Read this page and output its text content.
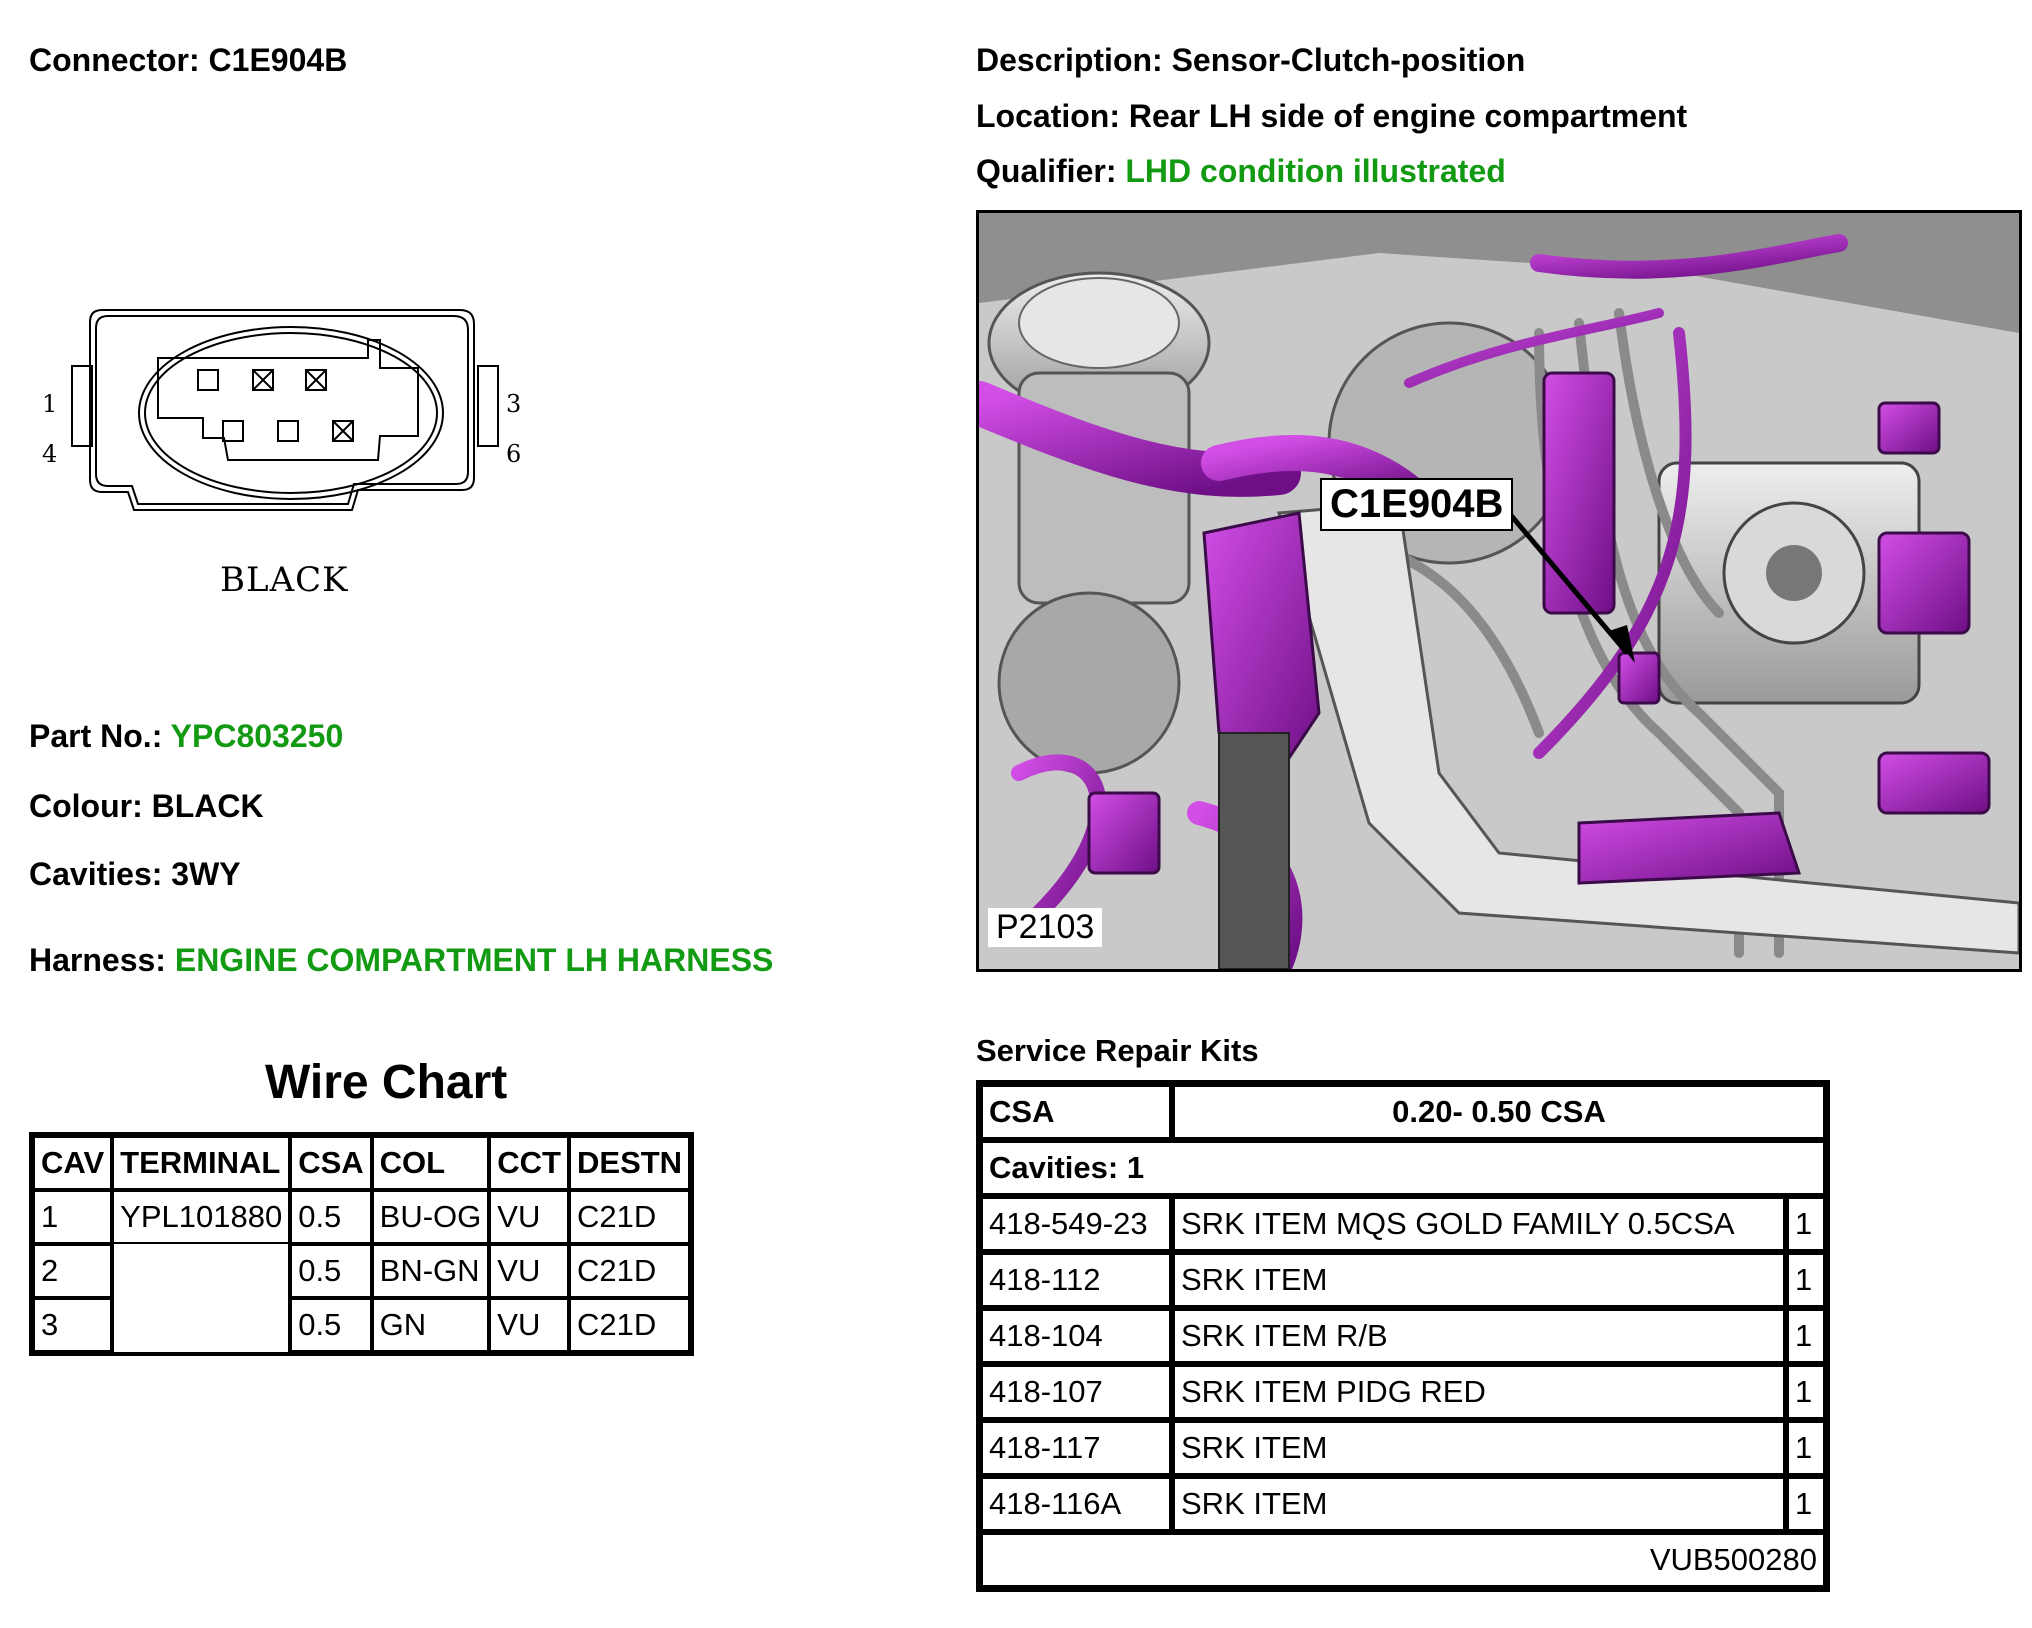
Connector: C1E904B	Description: Sensor-Clutch-position
Location: Rear LH side of engine compartment
Qualifier: LHD condition illustrated
1
4
3
6
BLACK
Part No.: YPC803250
Colour: BLACK
Cavities: 3WY
Harness: ENGINE COMPARTMENT LH HARNESS
Wire Chart
CAV	TERMINAL	CSA	COL	CCT	DESTN
1	YPL101880	0.5	BU-OG	VU	C21D
2		0.5	BN-GN	VU	C21D
3		0.5	GN	VU	C21D
C1E904B
P2103
Service Repair Kits
CSA	0.20- 0.50 CSA	
Cavities: 1		
418-549-23	SRK ITEM MQS GOLD FAMILY 0.5CSA	1
418-112	SRK ITEM	1
418-104	SRK ITEM R/B	1
418-107	SRK ITEM PIDG RED	1
418-117	SRK ITEM	1
418-116A	SRK ITEM	1
VUB500280		
